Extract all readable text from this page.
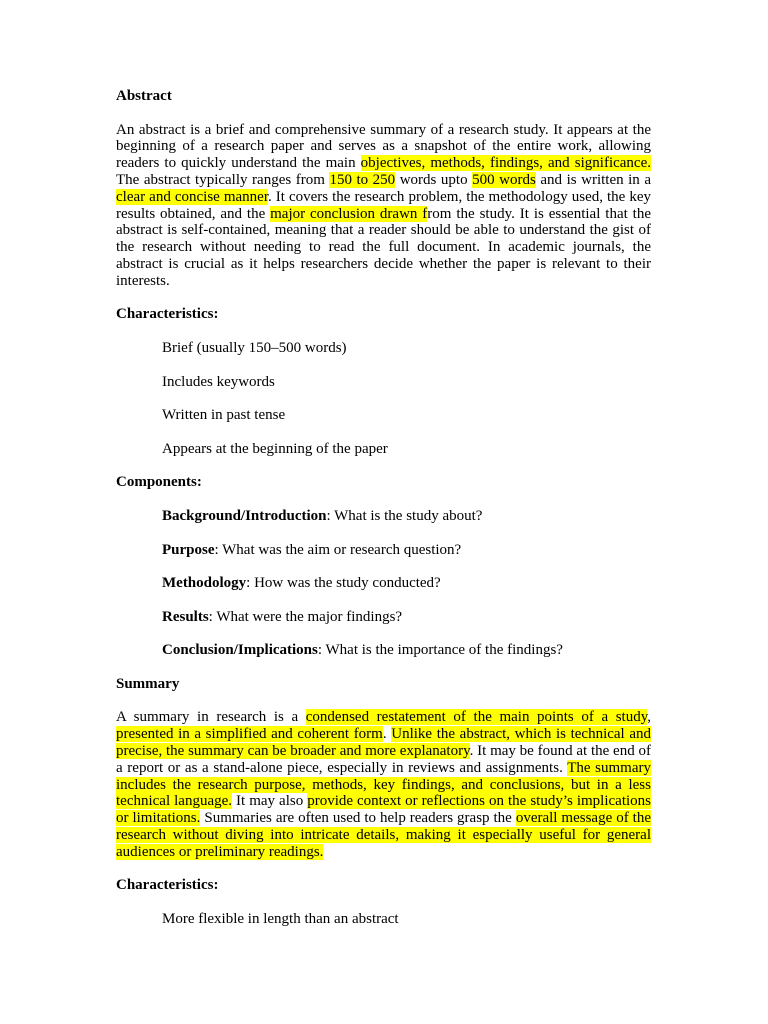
Abstract

An abstract is a brief and comprehensive summary of a research study. It appears at the beginning of a research paper and serves as a snapshot of the entire work, allowing readers to quickly understand the main objectives, methods, findings, and significance. The abstract typically ranges from 150 to 250 words upto 500 words and is written in a clear and concise manner. It covers the research problem, the methodology used, the key results obtained, and the major conclusion drawn from the study. It is essential that the abstract is self-contained, meaning that a reader should be able to understand the gist of the research without needing to read the full document. In academic journals, the abstract is crucial as it helps researchers decide whether the paper is relevant to their interests.

Characteristics:
Brief (usually 150–500 words)
Includes keywords
Written in past tense
Appears at the beginning of the paper
Components:
Background/Introduction: What is the study about?
Purpose: What was the aim or research question?
Methodology: How was the study conducted?
Results: What were the major findings?
Conclusion/Implications: What is the importance of the findings?
Summary

A summary in research is a condensed restatement of the main points of a study, presented in a simplified and coherent form. Unlike the abstract, which is technical and precise, the summary can be broader and more explanatory. It may be found at the end of a report or as a stand-alone piece, especially in reviews and assignments. The summary includes the research purpose, methods, key findings, and conclusions, but in a less technical language. It may also provide context or reflections on the study’s implications or limitations. Summaries are often used to help readers grasp the overall message of the research without diving into intricate details, making it especially useful for general audiences or preliminary readings.

Characteristics:
More flexible in length than an abstract
